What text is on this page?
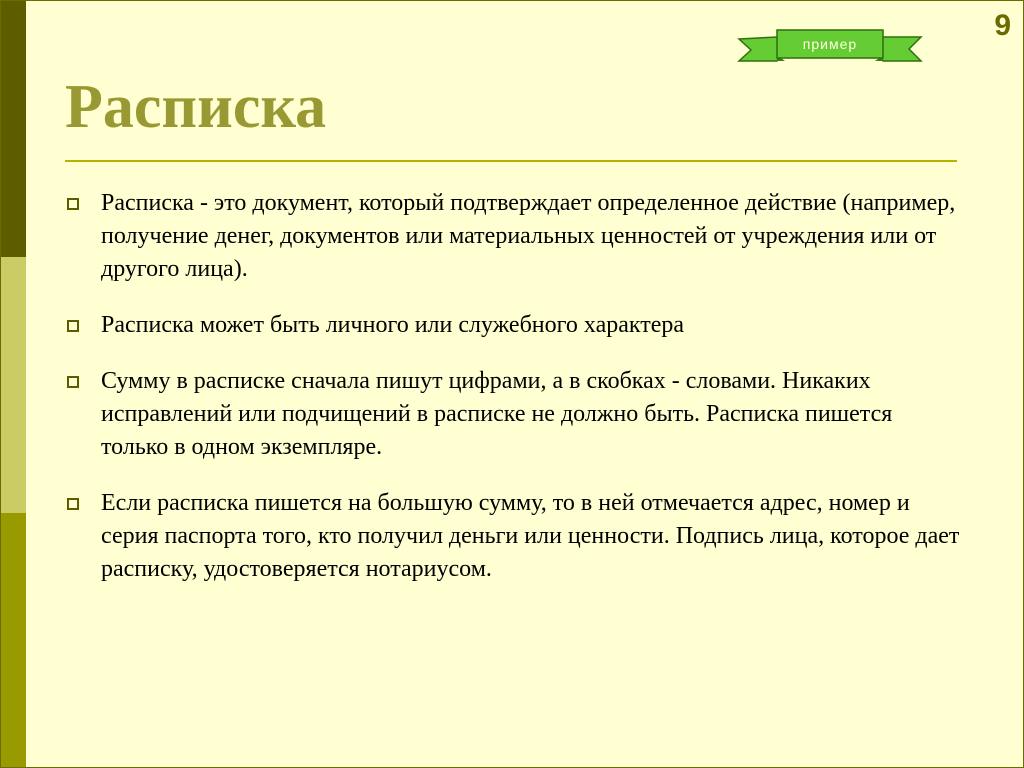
9
пример
Расписка
Расписка - это документ, который подтверждает определенное действие (например, получение денег, документов или материальных ценностей от учреждения или от другого лица).
Расписка может быть личного или служебного характера
Сумму в расписке сначала пишут цифрами, а в скобках - словами. Никаких исправлений или подчищений в расписке не должно быть. Расписка пишется только в одном экземпляре.
Если расписка пишется на большую сумму, то в ней отмечается адрес, номер и серия паспорта того, кто получил деньги или ценности. Подпись лица, которое дает расписку, удостоверяется нотариусом.
